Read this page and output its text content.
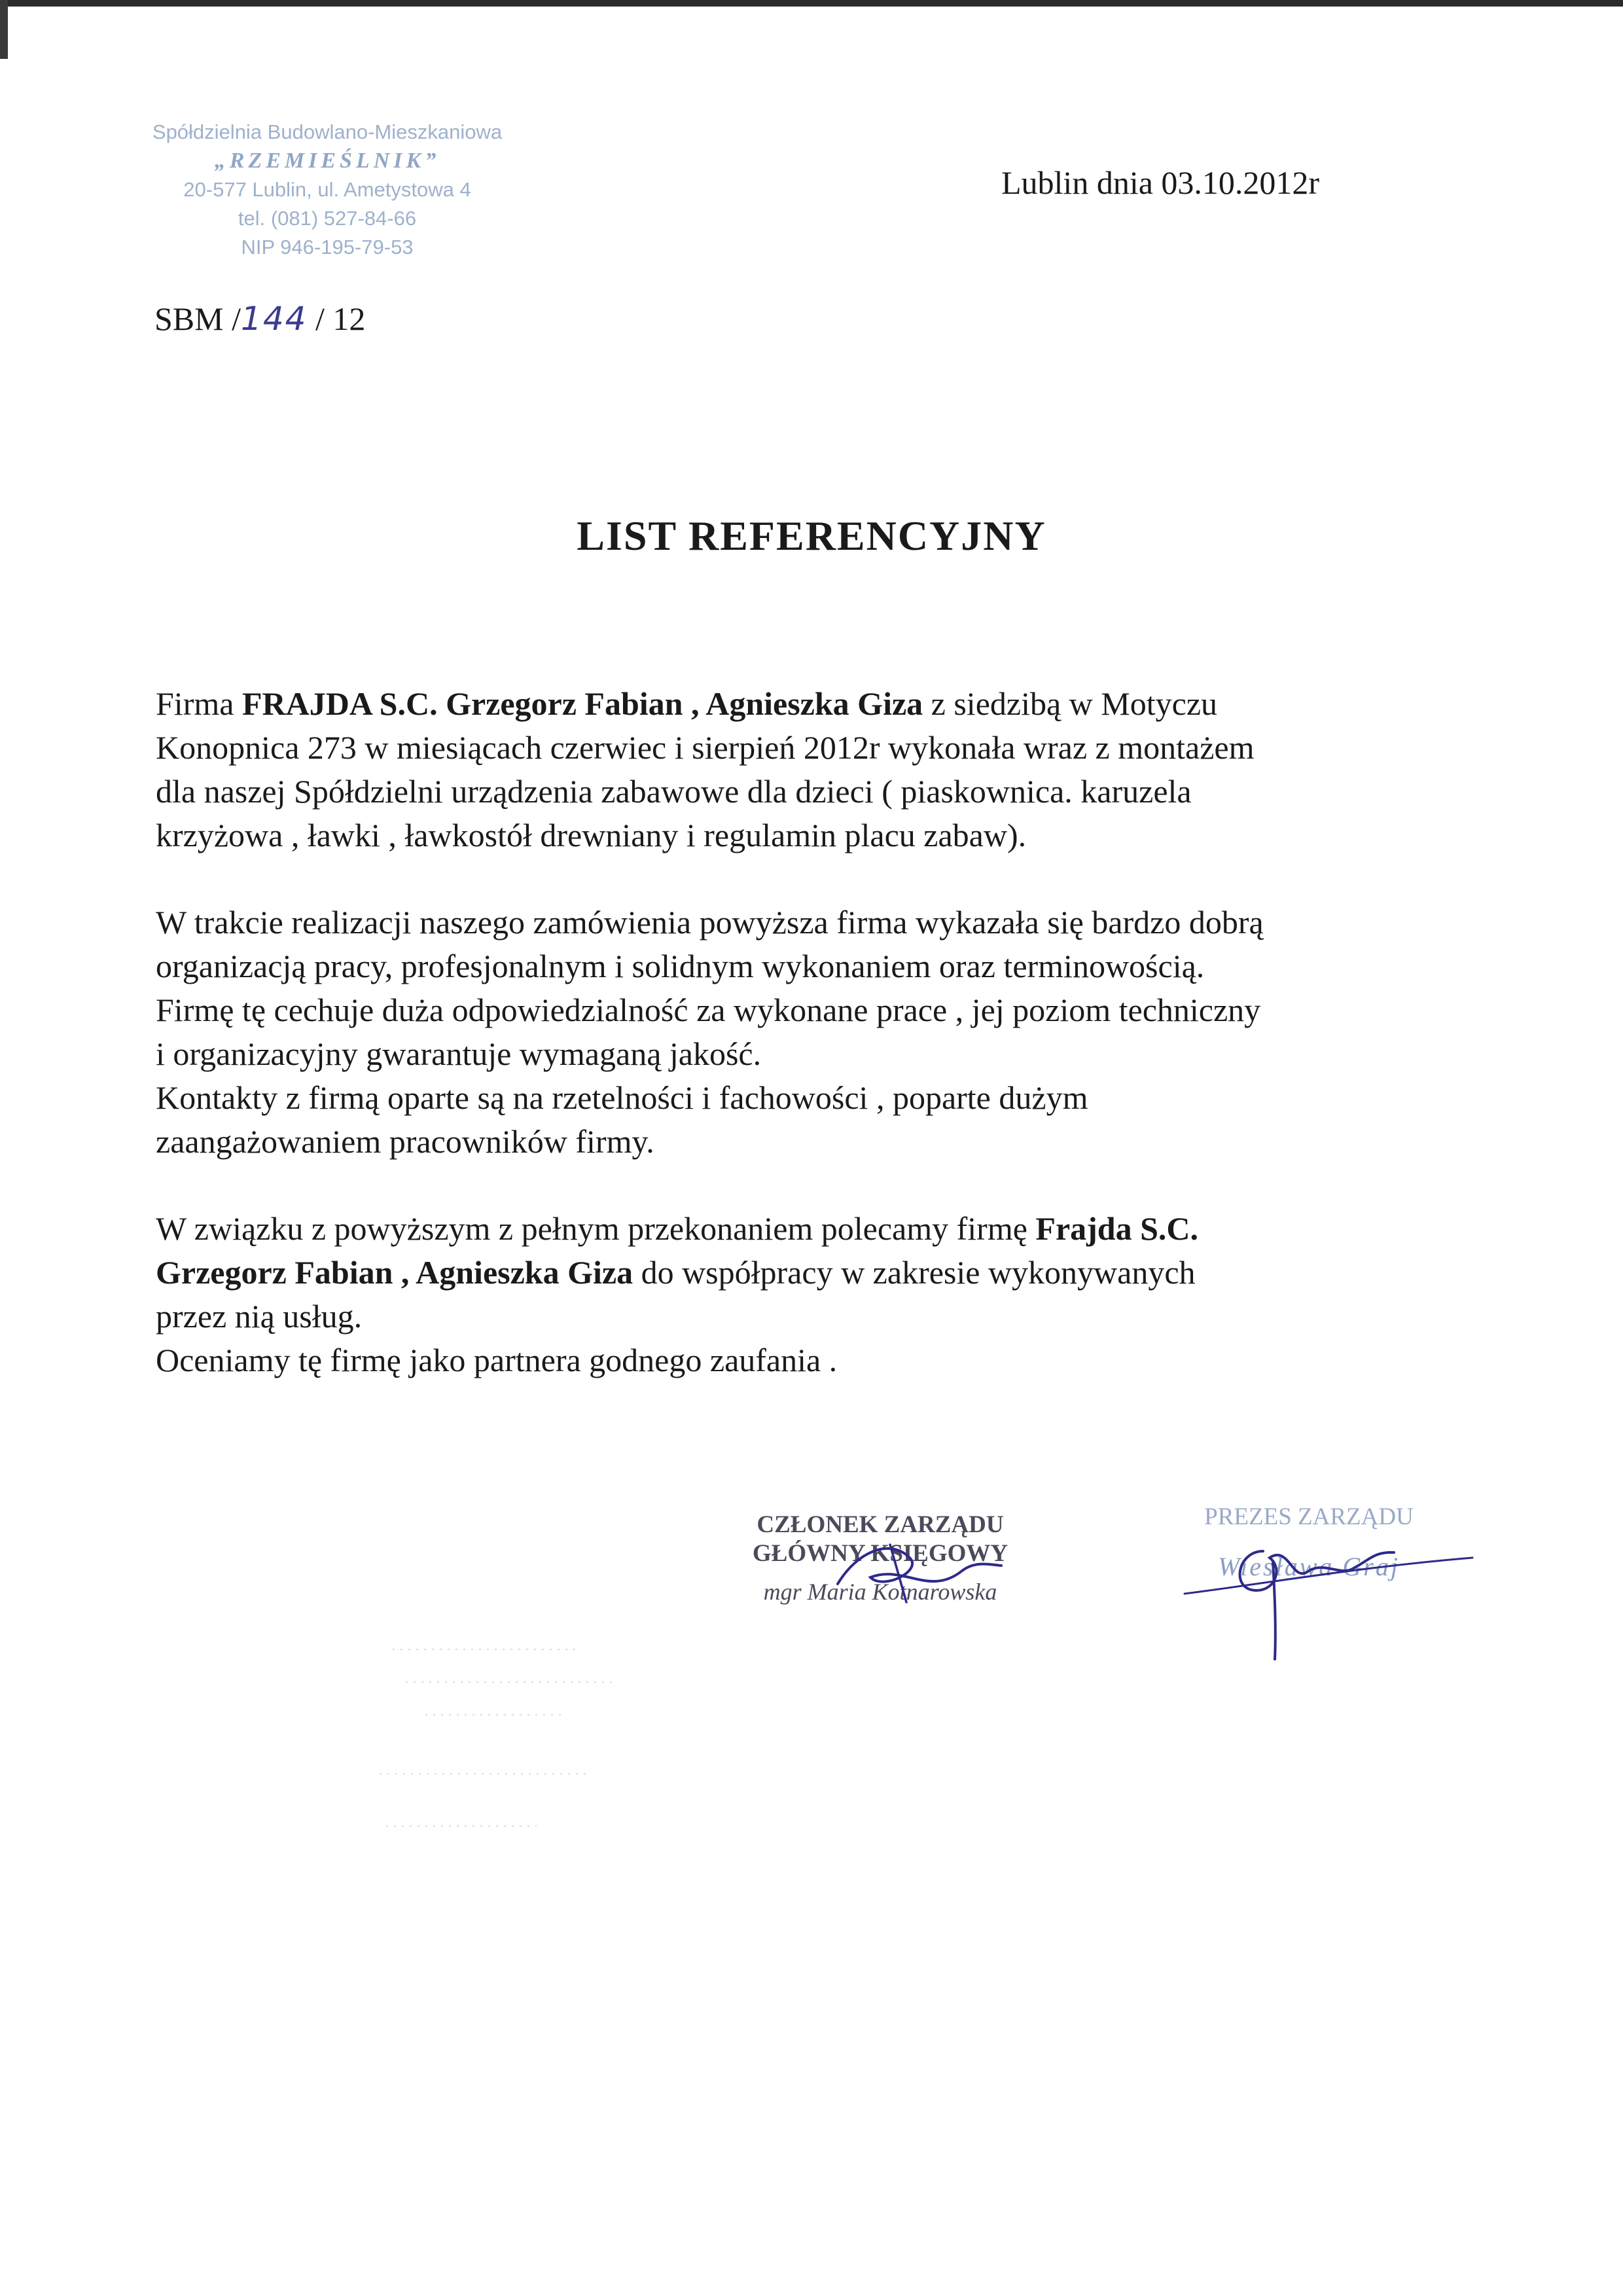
Spółdzielnia Budowlano-Mieszkaniowa
„RZEMIEŚLNIK”
20-577 Lublin, ul. Ametystowa 4
tel. (081) 527-84-66
NIP 946-195-79-53
Lublin dnia 03.10.2012r
SBM /144 / 12
LIST REFERENCYJNY

Firma FRAJDA S.C. Grzegorz Fabian , Agnieszka Giza z siedzibą w Motyczu
Konopnica 273 w miesiącach czerwiec i sierpień 2012r wykonała wraz z montażem
dla naszej Spółdzielni urządzenia zabawowe dla dzieci ( piaskownica. karuzela
krzyżowa , ławki , ławkostół drewniany i regulamin placu zabaw).

W trakcie realizacji naszego zamówienia powyższa firma wykazała się bardzo dobrą
organizacją pracy, profesjonalnym i solidnym wykonaniem oraz terminowością.
Firmę tę cechuje duża odpowiedzialność za wykonane prace , jej poziom techniczny
i organizacyjny gwarantuje wymaganą jakość.
Kontakty z firmą oparte są na rzetelności i fachowości , poparte dużym
zaangażowaniem pracowników firmy.

W związku z powyższym z pełnym przekonaniem polecamy firmę Frajda S.C.
Grzegorz Fabian , Agnieszka Giza do współpracy w zakresie wykonywanych
przez nią usług.
Oceniamy tę firmę jako partnera godnego zaufania .

CZŁONEK ZARZĄDU
GŁÓWNY KSIĘGOWY
mgr Maria Kotnarowska
PREZES ZARZĄDU
Wiesława Graj
